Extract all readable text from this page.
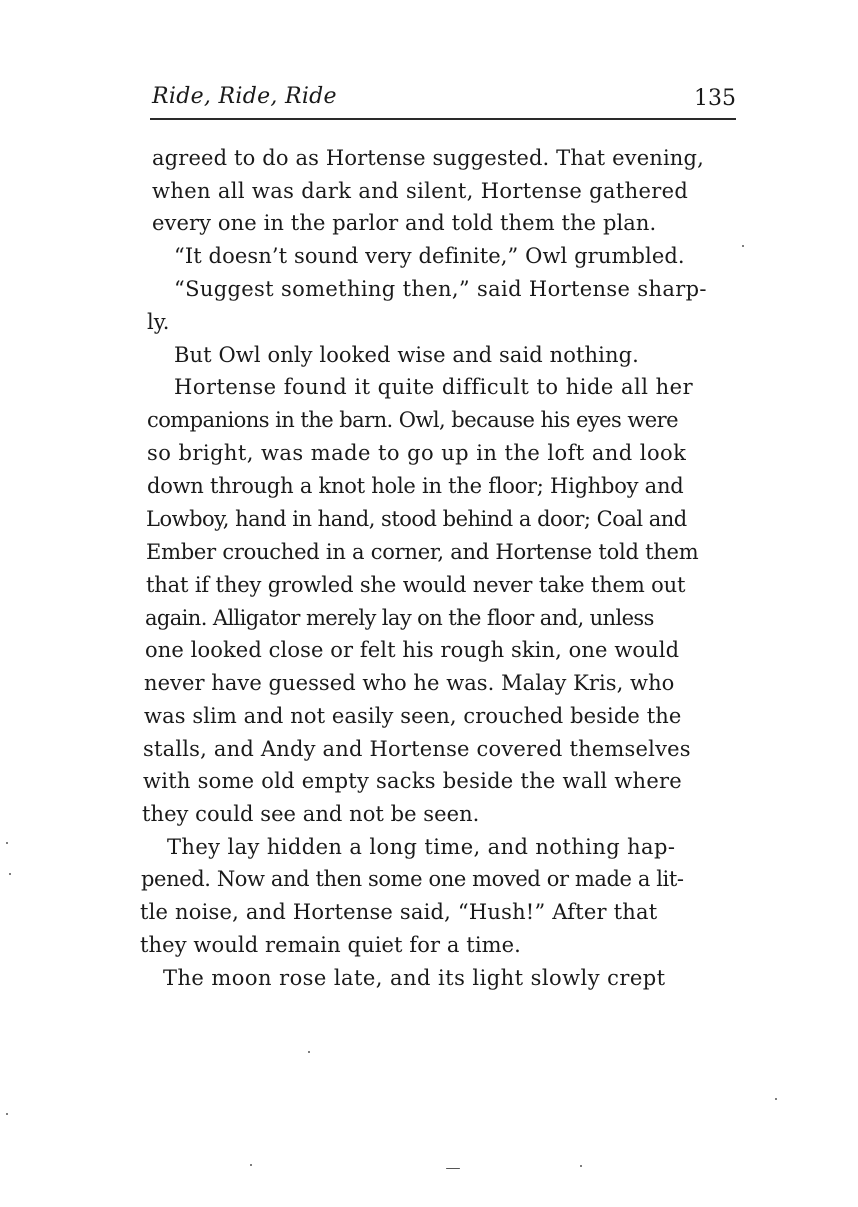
Ride, Ride, Ride	135
agreed to do as Hortense suggested. That evening,
when all was dark and silent, Hortense gathered
every one in the parlor and told them the plan.
“It doesn’t sound very definite,” Owl grumbled.
“Suggest something then,” said Hortense sharp-
ly.
But Owl only looked wise and said nothing.
Hortense found it quite difficult to hide all her
companions in the barn. Owl, because his eyes were
so bright, was made to go up in the loft and look
down through a knot hole in the floor; Highboy and
Lowboy, hand in hand, stood behind a door; Coal and
Ember crouched in a corner, and Hortense told them
that if they growled she would never take them out
again. Alligator merely lay on the floor and, unless
one looked close or felt his rough skin, one would
never have guessed who he was. Malay Kris, who
was slim and not easily seen, crouched beside the
stalls, and Andy and Hortense covered themselves
with some old empty sacks beside the wall where
they could see and not be seen.
They lay hidden a long time, and nothing hap-
pened. Now and then some one moved or made a lit-
tle noise, and Hortense said, “Hush!” After that
they would remain quiet for a time.
The moon rose late, and its light slowly crept
